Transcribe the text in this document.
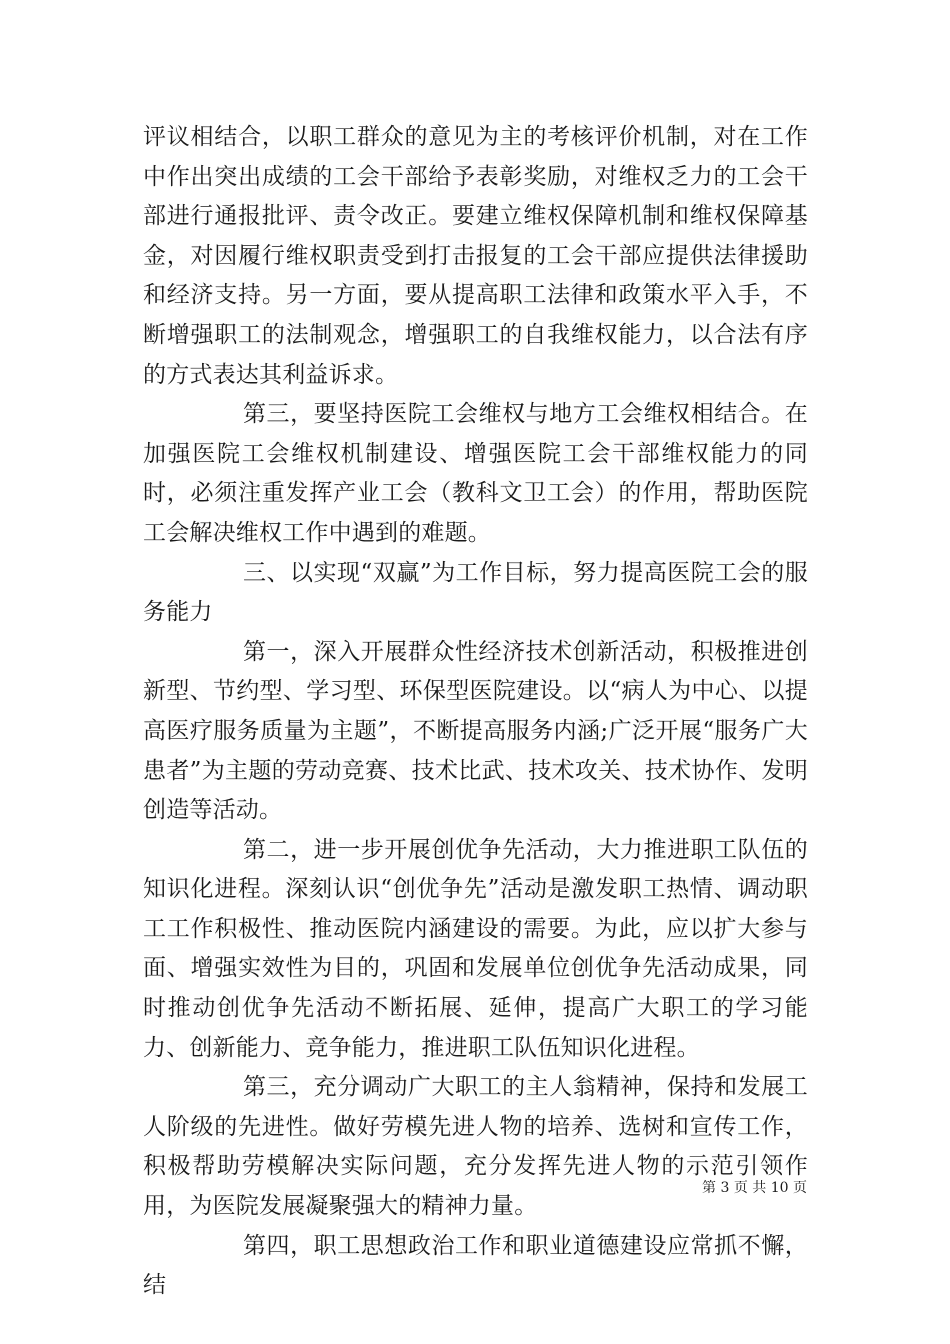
评议相结合，以职工群众的意见为主的考核评价机制，对在工作中作出突出成绩的工会干部给予表彰奖励，对维权乏力的工会干部进行通报批评、责令改正。要建立维权保障机制和维权保障基金，对因履行维权职责受到打击报复的工会干部应提供法律援助和经济支持。另一方面，要从提高职工法律和政策水平入手，不断增强职工的法制观念，增强职工的自我维权能力，以合法有序的方式表达其利益诉求。

第三，要坚持医院工会维权与地方工会维权相结合。在加强医院工会维权机制建设、增强医院工会干部维权能力的同时，必须注重发挥产业工会（教科文卫工会）的作用，帮助医院工会解决维权工作中遇到的难题。

三、以实现“双赢”为工作目标，努力提高医院工会的服务能力

第一，深入开展群众性经济技术创新活动，积极推进创新型、节约型、学习型、环保型医院建设。以“病人为中心、以提高医疗服务质量为主题”，不断提高服务内涵;广泛开展“服务广大患者”为主题的劳动竞赛、技术比武、技术攻关、技术协作、发明创造等活动。

第二，进一步开展创优争先活动，大力推进职工队伍的知识化进程。深刻认识“创优争先”活动是激发职工热情、调动职工工作积极性、推动医院内涵建设的需要。为此，应以扩大参与面、增强实效性为目的，巩固和发展单位创优争先活动成果，同时推动创优争先活动不断拓展、延伸，提高广大职工的学习能力、创新能力、竞争能力，推进职工队伍知识化进程。

第三，充分调动广大职工的主人翁精神，保持和发展工人阶级的先进性。做好劳模先进人物的培养、选树和宣传工作，积极帮助劳模解决实际问题，充分发挥先进人物的示范引领作用，为医院发展凝聚强大的精神力量。

第四，职工思想政治工作和职业道德建设应常抓不懈，结

第 3 页 共 10 页
